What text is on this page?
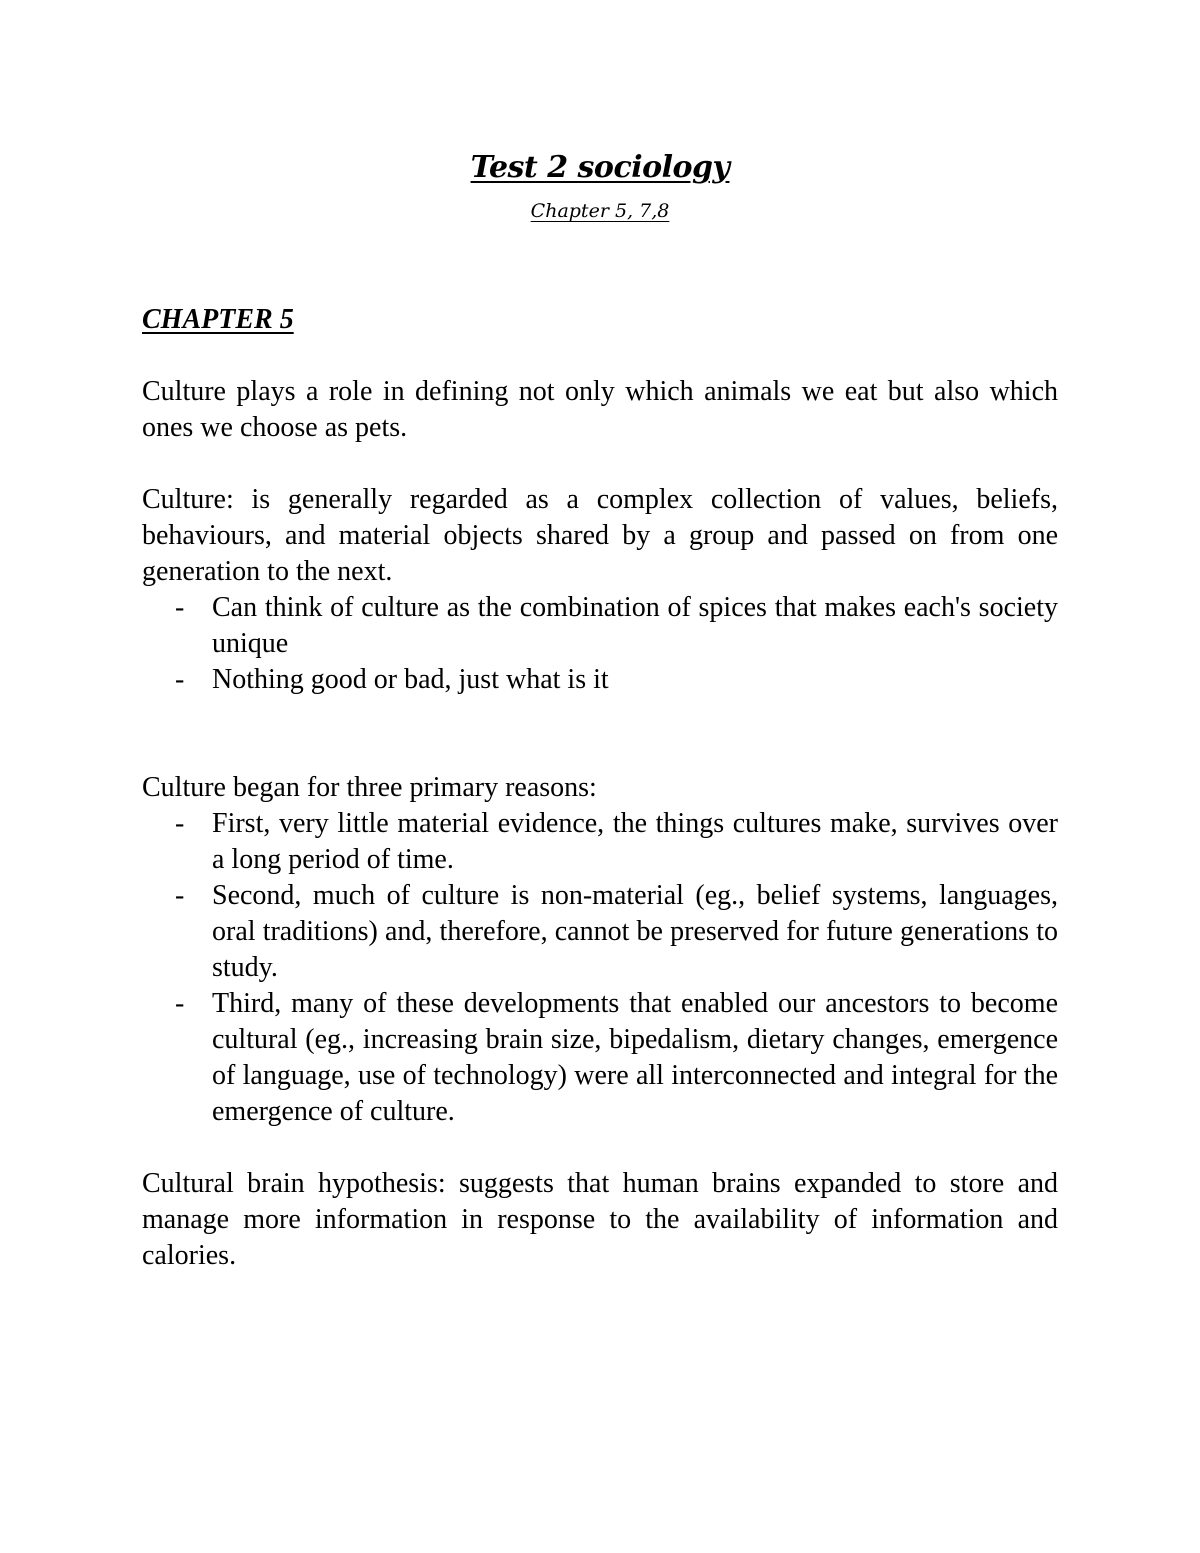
Test 2 sociology
Chapter 5, 7,8
CHAPTER 5

Culture plays a role in defining not only which animals we eat but also which ones we choose as pets.

Culture: is generally regarded as a complex collection of values, beliefs, behaviours, and material objects shared by a group and passed on from one generation to the next.

- Can think of culture as the combination of spices that makes each's society unique
- Nothing good or bad, just what is it

Culture began for three primary reasons:

- First, very little material evidence, the things cultures make, survives over a long period of time.
- Second, much of culture is non-material (eg., belief systems, languages, oral traditions) and, therefore, cannot be preserved for future generations to study.
- Third, many of these developments that enabled our ancestors to become cultural (eg., increasing brain size, bipedalism, dietary changes, emergence of language, use of technology) were all interconnected and integral for the emergence of culture.

Cultural brain hypothesis: suggests that human brains expanded to store and manage more information in response to the availability of information and calories.
